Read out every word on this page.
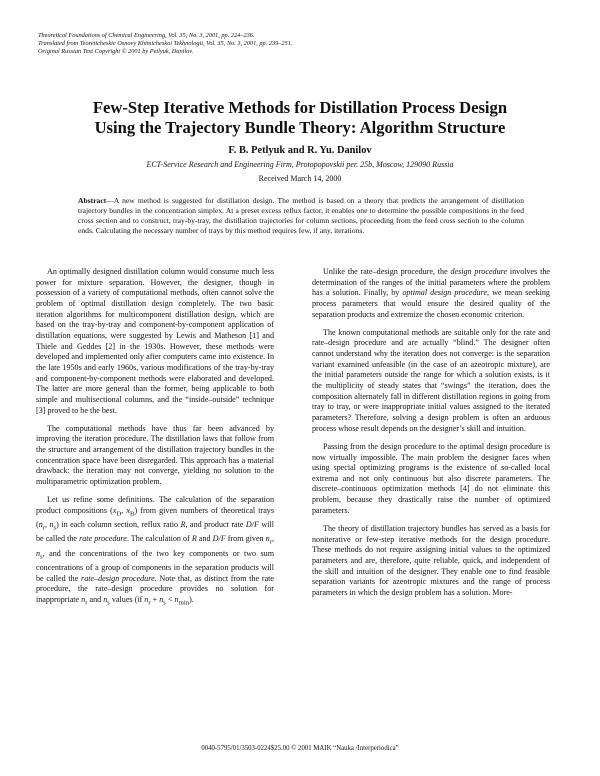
Theoretical Foundations of Chemical Engineering, Vol. 35, No. 3, 2001, pp. 224–236.
Translated from Teoreticheskie Osnovy Khimicheskoi Tekhnologii, Vol. 35, No. 3, 2001, pp. 239–251.
Original Russian Text Copyright © 2001 by Petlyuk, Danilov.
Few-Step Iterative Methods for Distillation Process Design
Using the Trajectory Bundle Theory: Algorithm Structure
F. B. Petlyuk and R. Yu. Danilov
ECT-Service Research and Engineering Firm, Protopopovskii per. 25b, Moscow, 129090 Russia
Received March 14, 2000
Abstract—A new method is suggested for distillation design. The method is based on a theory that predicts the arrangement of distillation trajectory bundles in the concentration simplex. At a preset excess reflux factor, it enables one to determine the possible compositions in the feed cross section and to construct, tray-by-tray, the distillation trajectories for column sections, proceeding from the feed cross section to the column ends. Calculating the necessary number of trays by this method requires few, if any, iterations.

An optimally designed distillation column would consume much less power for mixture separation. However, the designer, though in possession of a variety of computational methods, often cannot solve the problem of optimal distillation design completely. The two basic iteration algorithms for multicomponent distillation design, which are based on the tray-by-tray and component-by-component application of distillation equations, were suggested by Lewis and Matheson [1] and Thiele and Geddes [2] in the 1930s. However, these methods were developed and implemented only after computers came into existence. In the late 1950s and early 1960s, various modifications of the tray-by-tray and component-by-component methods were elaborated and developed. The latter are more general than the former, being applicable to both simple and multisectional columns, and the “inside–outside” technique [3] proved to be the best.

The computational methods have thus far been advanced by improving the iteration procedure. The distillation laws that follow from the structure and arrangement of the distillation trajectory bundles in the concentration space have been disregarded. This approach has a material drawback: the iteration may not converge, yielding no solution to the multiparametric optimization problem.

Let us refine some definitions. The calculation of the separation product compositions ($x_D$, $x_B$) from given numbers of theoretical trays ($n_r$, $n_s$) in each column section, reflux ratio R, and product rate D/F will be called the rate procedure. The calculation of R and D/F from given $n_r$, $n_s$, and the concentrations of the two key components or two sum concentrations of a group of components in the separation products will be called the rate–design procedure. Note that, as distinct from the rate procedure, the rate–design procedure provides no solution for inappropriate $n_r$ and $n_s$ values (if $n_r + n_s < n_{min}$).

Unlike the rate–design procedure, the design procedure involves the determination of the ranges of the initial parameters where the problem has a solution. Finally, by optimal design procedure, we mean seeking process parameters that would ensure the desired quality of the separation products and extremize the chosen economic criterion.

The known computational methods are suitable only for the rate and rate–design procedure and are actually “blind.” The designer often cannot understand why the iteration does not converge: is the separation variant examined unfeasible (in the case of an azeotropic mixture), are the initial parameters outside the range for which a solution exists, is it the multiplicity of steady states that “swings” the iteration, does the composition alternately fall in different distillation regions in going from tray to tray, or were inappropriate initial values assigned to the iterated parameters? Therefore, solving a design problem is often an arduous process whose result depends on the designer’s skill and intuition.

Passing from the design procedure to the optimal design procedure is now virtually impossible. The main problem the designer faces when using special optimizing programs is the existence of so-called local extrema and not only continuous but also discrete parameters. The discrete–continuous optimization methods [4] do not eliminate this problem, because they drastically raise the number of optimized parameters.

The theory of distillation trajectory bundles has served as a basis for noniterative or few-step iterative methods for the design procedure. These methods do not require assigning initial values to the optimized parameters and are, therefore, quite reliable, quick, and independent of the skill and intuition of the designer. They enable one to find feasible separation variants for azeotropic mixtures and the range of process parameters in which the design problem has a solution. More-

0040-5795/01/3503-0224$25.00 © 2001 MAIK “Nauka /Interperiodica”
